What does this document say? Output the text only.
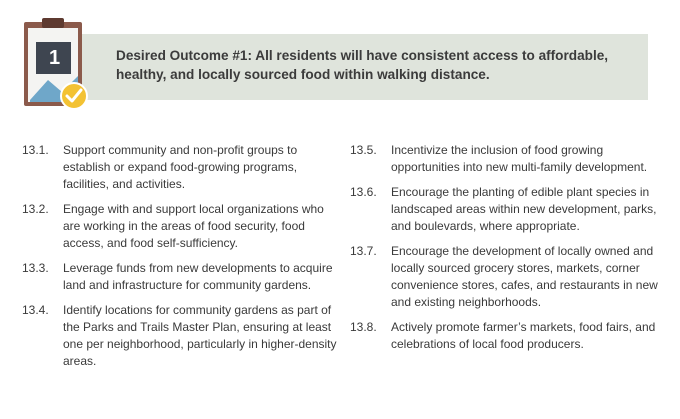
1	Desired Outcome #1: All residents will have consistent access to affordable, healthy, and locally sourced food within walking distance.
13.1.	Support community and non-profit groups to establish or expand food-growing programs, facilities, and activities.
13.2.	Engage with and support local organizations who are working in the areas of food security, food access, and food self-sufficiency.
13.3.	Leverage funds from new developments to acquire land and infrastructure for community gardens.
13.4.	Identify locations for community gardens as part of the Parks and Trails Master Plan, ensuring at least one per neighborhood, particularly in higher-density areas.
13.5.	Incentivize the inclusion of food growing opportunities into new multi-family development.
13.6.	Encourage the planting of edible plant species in landscaped areas within new development, parks, and boulevards, where appropriate.
13.7.	Encourage the development of locally owned and locally sourced grocery stores, markets, corner convenience stores, cafes, and restaurants in new and existing neighborhoods.
13.8.	Actively promote farmer’s markets, food fairs, and celebrations of local food producers.
